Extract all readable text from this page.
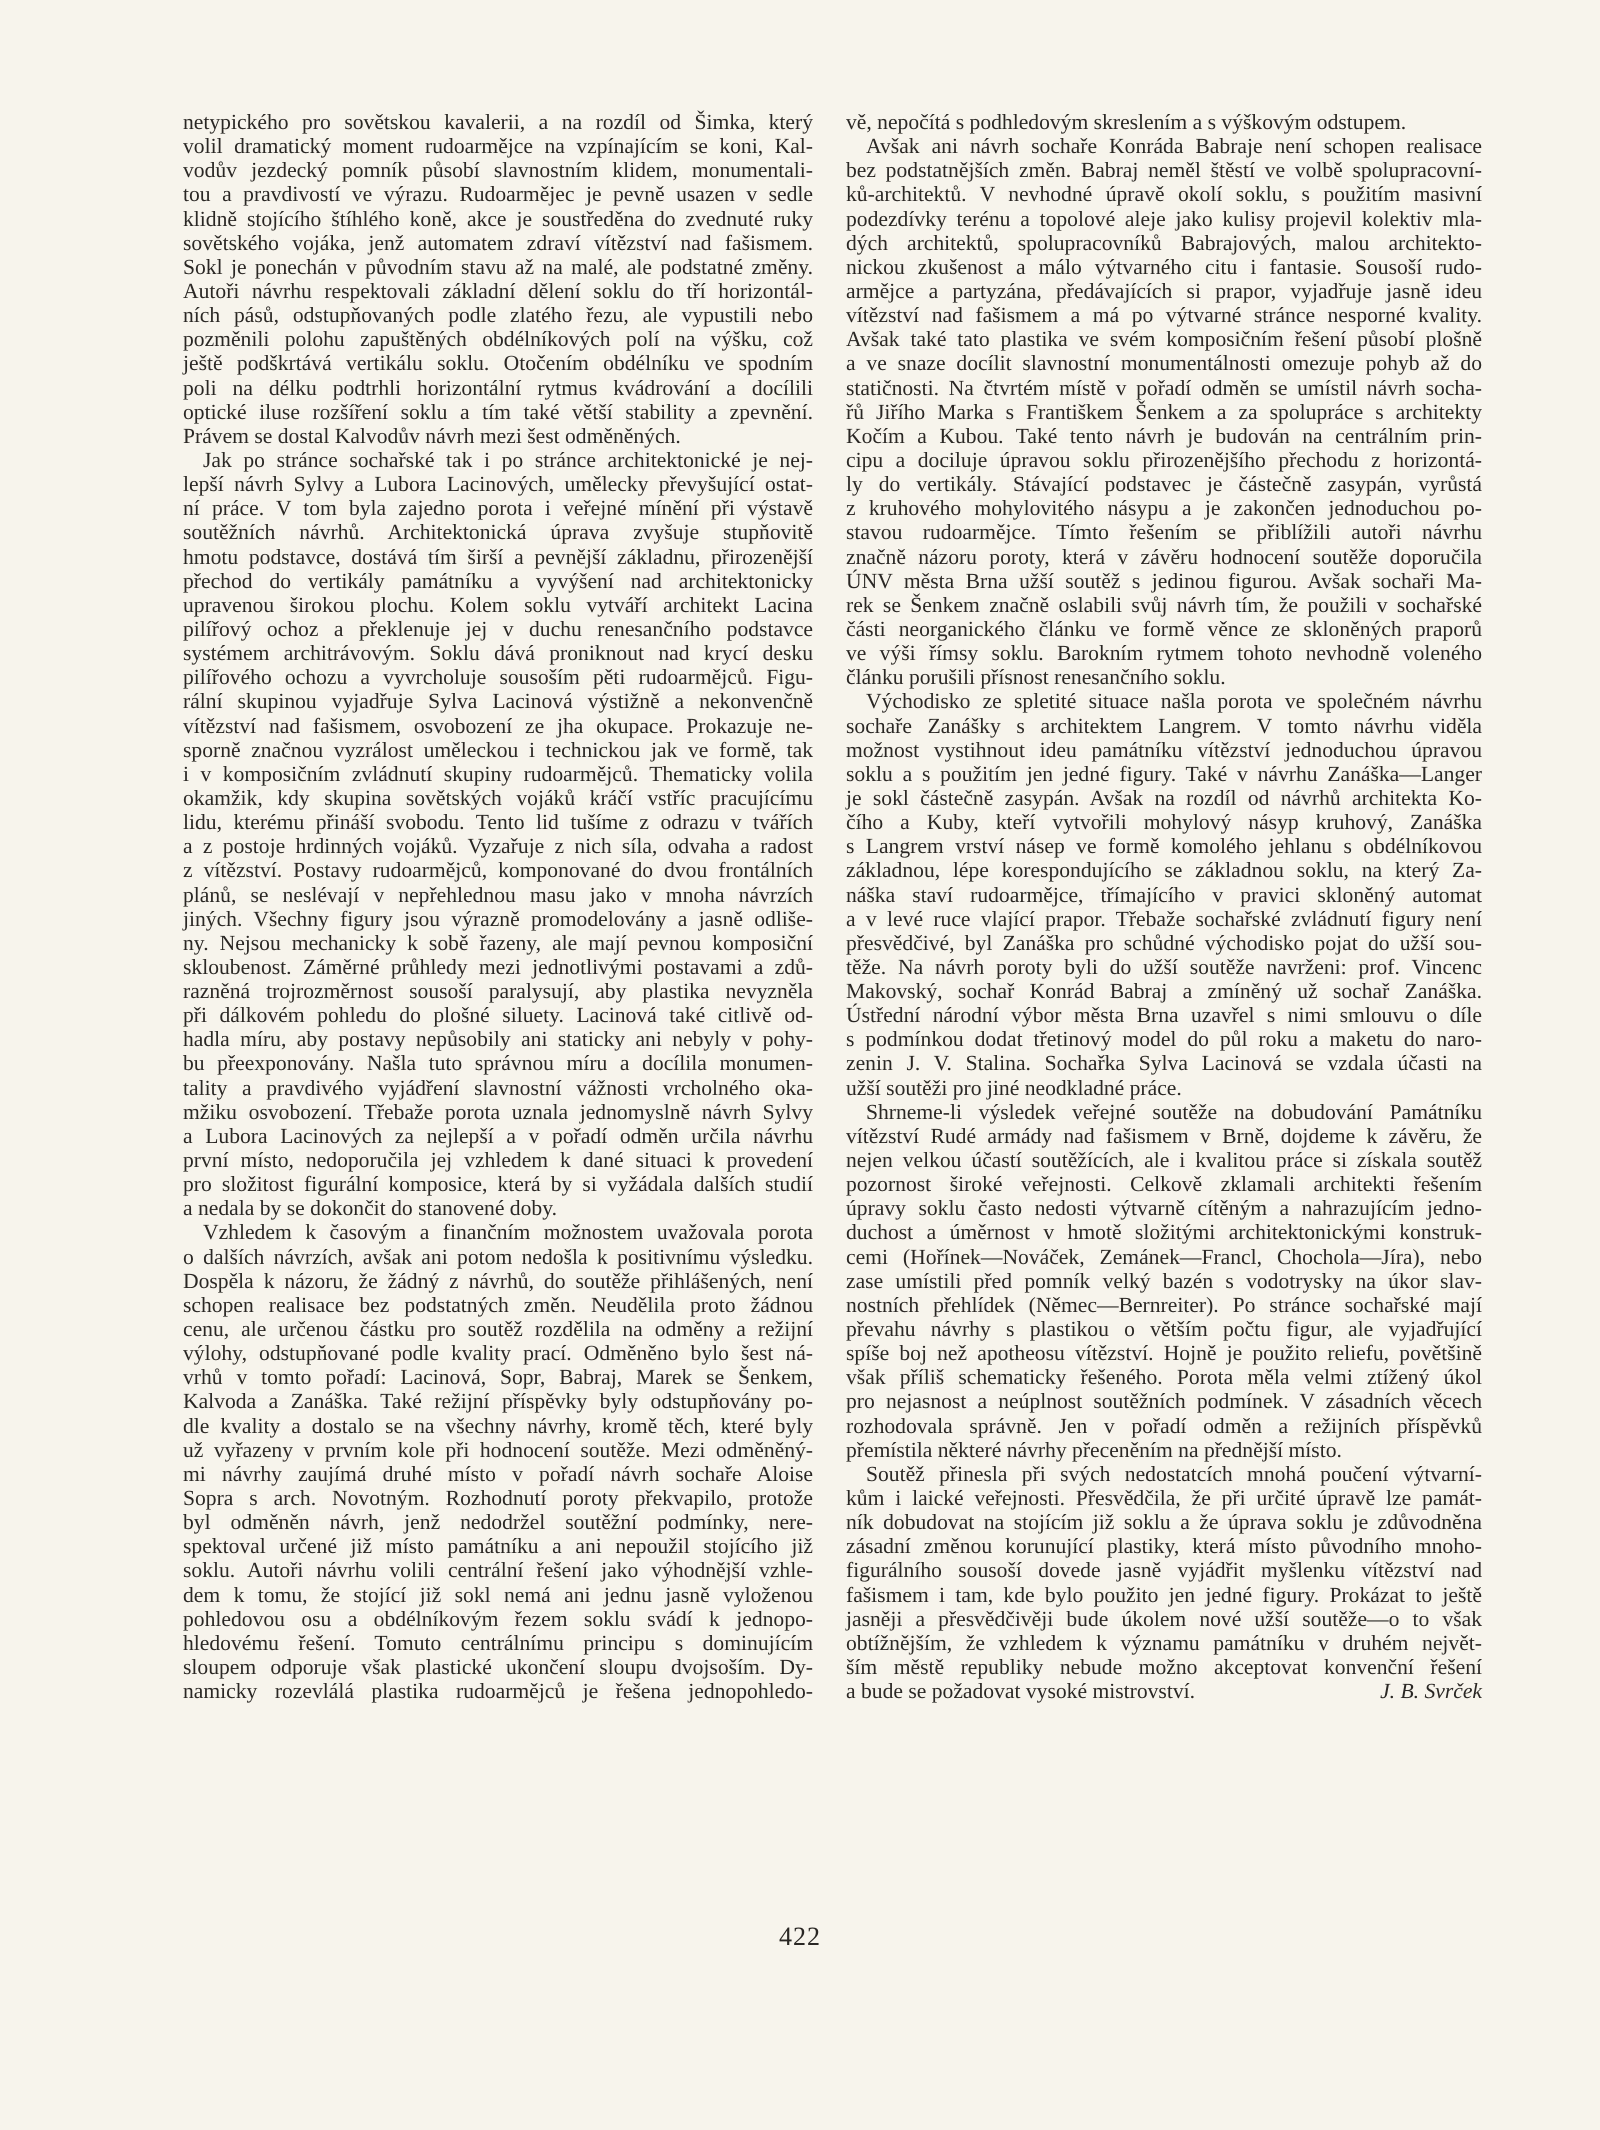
netypického pro sovětskou kavalerii, a na rozdíl od Šimka, který
volil dramatický moment rudoarmějce na vzpínajícím se koni, Kal-
vodův jezdecký pomník působí slavnostním klidem, monumentali-
tou a pravdivostí ve výrazu. Rudoarmějec je pevně usazen v sedle
klidně stojícího štíhlého koně, akce je soustředěna do zvednuté ruky
sovětského vojáka, jenž automatem zdraví vítězství nad fašismem.
Sokl je ponechán v původním stavu až na malé, ale podstatné změny.
Autoři návrhu respektovali základní dělení soklu do tří horizontál-
ních pásů, odstupňovaných podle zlatého řezu, ale vypustili nebo
pozměnili polohu zapuštěných obdélníkových polí na výšku, což
ještě podškrtává vertikálu soklu. Otočením obdélníku ve spodním
poli na délku podtrhli horizontální rytmus kvádrování a docílili
optické iluse rozšíření soklu a tím také větší stability a zpevnění.
Právem se dostal Kalvodův návrh mezi šest odměněných.
Jak po stránce sochařské tak i po stránce architektonické je nej-
lepší návrh Sylvy a Lubora Lacinových, umělecky převyšující ostat-
ní práce. V tom byla zajedno porota i veřejné mínění při výstavě
soutěžních návrhů. Architektonická úprava zvyšuje stupňovitě
hmotu podstavce, dostává tím širší a pevnější základnu, přirozenější
přechod do vertikály památníku a vyvýšení nad architektonicky
upravenou širokou plochu. Kolem soklu vytváří architekt Lacina
pilířový ochoz a překlenuje jej v duchu renesančního podstavce
systémem architrávovým. Soklu dává proniknout nad krycí desku
pilířového ochozu a vyvrcholuje sousoším pěti rudoarmějců. Figu-
rální skupinou vyjadřuje Sylva Lacinová výstižně a nekonvenčně
vítězství nad fašismem, osvobození ze jha okupace. Prokazuje ne-
sporně značnou vyzrálost uměleckou i technickou jak ve formě, tak
i v komposičním zvládnutí skupiny rudoarmějců. Thematicky volila
okamžik, kdy skupina sovětských vojáků kráčí vstříc pracujícímu
lidu, kterému přináší svobodu. Tento lid tušíme z odrazu v tvářích
a z postoje hrdinných vojáků. Vyzařuje z nich síla, odvaha a radost
z vítězství. Postavy rudoarmějců, komponované do dvou frontálních
plánů, se neslévají v nepřehlednou masu jako v mnoha návrzích
jiných. Všechny figury jsou výrazně promodelovány a jasně odliše-
ny. Nejsou mechanicky k sobě řazeny, ale mají pevnou komposiční
skloubenost. Záměrné průhledy mezi jednotlivými postavami a zdů-
razněná trojrozměrnost sousoší paralysují, aby plastika nevyzněla
při dálkovém pohledu do plošné siluety. Lacinová také citlivě od-
hadla míru, aby postavy nepůsobily ani staticky ani nebyly v pohy-
bu přeexponovány. Našla tuto správnou míru a docílila monumen-
tality a pravdivého vyjádření slavnostní vážnosti vrcholného oka-
mžiku osvobození. Třebaže porota uznala jednomyslně návrh Sylvy
a Lubora Lacinových za nejlepší a v pořadí odměn určila návrhu
první místo, nedoporučila jej vzhledem k dané situaci k provedení
pro složitost figurální komposice, která by si vyžádala dalších studií
a nedala by se dokončit do stanovené doby.
Vzhledem k časovým a finančním možnostem uvažovala porota
o dalších návrzích, avšak ani potom nedošla k positivnímu výsledku.
Dospěla k názoru, že žádný z návrhů, do soutěže přihlášených, není
schopen realisace bez podstatných změn. Neudělila proto žádnou
cenu, ale určenou částku pro soutěž rozdělila na odměny a režijní
výlohy, odstupňované podle kvality prací. Odměněno bylo šest ná-
vrhů v tomto pořadí: Lacinová, Sopr, Babraj, Marek se Šenkem,
Kalvoda a Zanáška. Také režijní příspěvky byly odstupňovány po-
dle kvality a dostalo se na všechny návrhy, kromě těch, které byly
už vyřazeny v prvním kole při hodnocení soutěže. Mezi odměněný-
mi návrhy zaujímá druhé místo v pořadí návrh sochaře Aloise
Sopra s arch. Novotným. Rozhodnutí poroty překvapilo, protože
byl odměněn návrh, jenž nedodržel soutěžní podmínky, nere-
spektoval určené již místo památníku a ani nepoužil stojícího již
soklu. Autoři návrhu volili centrální řešení jako výhodnější vzhle-
dem k tomu, že stojící již sokl nemá ani jednu jasně vyloženou
pohledovou osu a obdélníkovým řezem soklu svádí k jednopo-
hledovému řešení. Tomuto centrálnímu principu s dominujícím
sloupem odporuje však plastické ukončení sloupu dvojsoším. Dy-
namicky rozevlálá plastika rudoarmějců je řešena jednopohledo-
vě, nepočítá s podhledovým skreslením a s výškovým odstupem.
Avšak ani návrh sochaře Konráda Babraje není schopen realisace
bez podstatnějších změn. Babraj neměl štěstí ve volbě spolupracovní-
ků-architektů. V nevhodné úpravě okolí soklu, s použitím masivní
podezdívky terénu a topolové aleje jako kulisy projevil kolektiv mla-
dých architektů, spolupracovníků Babrajových, malou architekto-
nickou zkušenost a málo výtvarného citu i fantasie. Sousoší rudo-
armějce a partyzána, předávajících si prapor, vyjadřuje jasně ideu
vítězství nad fašismem a má po výtvarné stránce nesporné kvality.
Avšak také tato plastika ve svém komposičním řešení působí plošně
a ve snaze docílit slavnostní monumentálnosti omezuje pohyb až do
statičnosti. Na čtvrtém místě v pořadí odměn se umístil návrh socha-
řů Jiřího Marka s Františkem Šenkem a za spolupráce s architekty
Kočím a Kubou. Také tento návrh je budován na centrálním prin-
cipu a dociluje úpravou soklu přirozenějšího přechodu z horizontá-
ly do vertikály. Stávající podstavec je částečně zasypán, vyrůstá
z kruhového mohylovitého násypu a je zakončen jednoduchou po-
stavou rudoarmějce. Tímto řešením se přiblížili autoři návrhu
značně názoru poroty, která v závěru hodnocení soutěže doporučila
ÚNV města Brna užší soutěž s jedinou figurou. Avšak sochaři Ma-
rek se Šenkem značně oslabili svůj návrh tím, že použili v sochařské
části neorganického článku ve formě věnce ze skloněných praporů
ve výši římsy soklu. Barokním rytmem tohoto nevhodně voleného
článku porušili přísnost renesančního soklu.
Východisko ze spletité situace našla porota ve společném návrhu
sochaře Zanášky s architektem Langrem. V tomto návrhu viděla
možnost vystihnout ideu památníku vítězství jednoduchou úpravou
soklu a s použitím jen jedné figury. Také v návrhu Zanáška—Langer
je sokl částečně zasypán. Avšak na rozdíl od návrhů architekta Ko-
čího a Kuby, kteří vytvořili mohylový násyp kruhový, Zanáška
s Langrem vrství násep ve formě komolého jehlanu s obdélníkovou
základnou, lépe korespondujícího se základnou soklu, na který Za-
náška staví rudoarmějce, třímajícího v pravici skloněný automat
a v levé ruce vlající prapor. Třebaže sochařské zvládnutí figury není
přesvědčivé, byl Zanáška pro schůdné východisko pojat do užší sou-
těže. Na návrh poroty byli do užší soutěže navrženi: prof. Vincenc
Makovský, sochař Konrád Babraj a zmíněný už sochař Zanáška.
Ústřední národní výbor města Brna uzavřel s nimi smlouvu o díle
s podmínkou dodat třetinový model do půl roku a maketu do naro-
zenin J. V. Stalina. Sochařka Sylva Lacinová se vzdala účasti na
užší soutěži pro jiné neodkladné práce.
Shrneme-li výsledek veřejné soutěže na dobudování Památníku
vítězství Rudé armády nad fašismem v Brně, dojdeme k závěru, že
nejen velkou účastí soutěžících, ale i kvalitou práce si získala soutěž
pozornost široké veřejnosti. Celkově zklamali architekti řešením
úpravy soklu často nedosti výtvarně cítěným a nahrazujícím jedno-
duchost a úměrnost v hmotě složitými architektonickými konstruk-
cemi (Hořínek—Nováček, Zemánek—Francl, Chochola—Jíra), nebo
zase umístili před pomník velký bazén s vodotrysky na úkor slav-
nostních přehlídek (Němec—Bernreiter). Po stránce sochařské mají
převahu návrhy s plastikou o větším počtu figur, ale vyjadřující
spíše boj než apotheosu vítězství. Hojně je použito reliefu, povětšině
však příliš schematicky řešeného. Porota měla velmi ztížený úkol
pro nejasnost a neúplnost soutěžních podmínek. V zásadních věcech
rozhodovala správně. Jen v pořadí odměn a režijních příspěvků
přemístila některé návrhy přeceněním na přednější místo.
Soutěž přinesla při svých nedostatcích mnohá poučení výtvarní-
kům i laické veřejnosti. Přesvědčila, že při určité úpravě lze památ-
ník dobudovat na stojícím již soklu a že úprava soklu je zdůvodněna
zásadní změnou korunující plastiky, která místo původního mnoho-
figurálního sousoší dovede jasně vyjádřit myšlenku vítězství nad
fašismem i tam, kde bylo použito jen jedné figury. Prokázat to ještě
jasněji a přesvědčivěji bude úkolem nové užší soutěže—o to však
obtížnějším, že vzhledem k významu památníku v druhém největ-
ším městě republiky nebude možno akceptovat konvenční řešení
a bude se požadovat vysoké mistrovství.	J. B. Svrček
422
